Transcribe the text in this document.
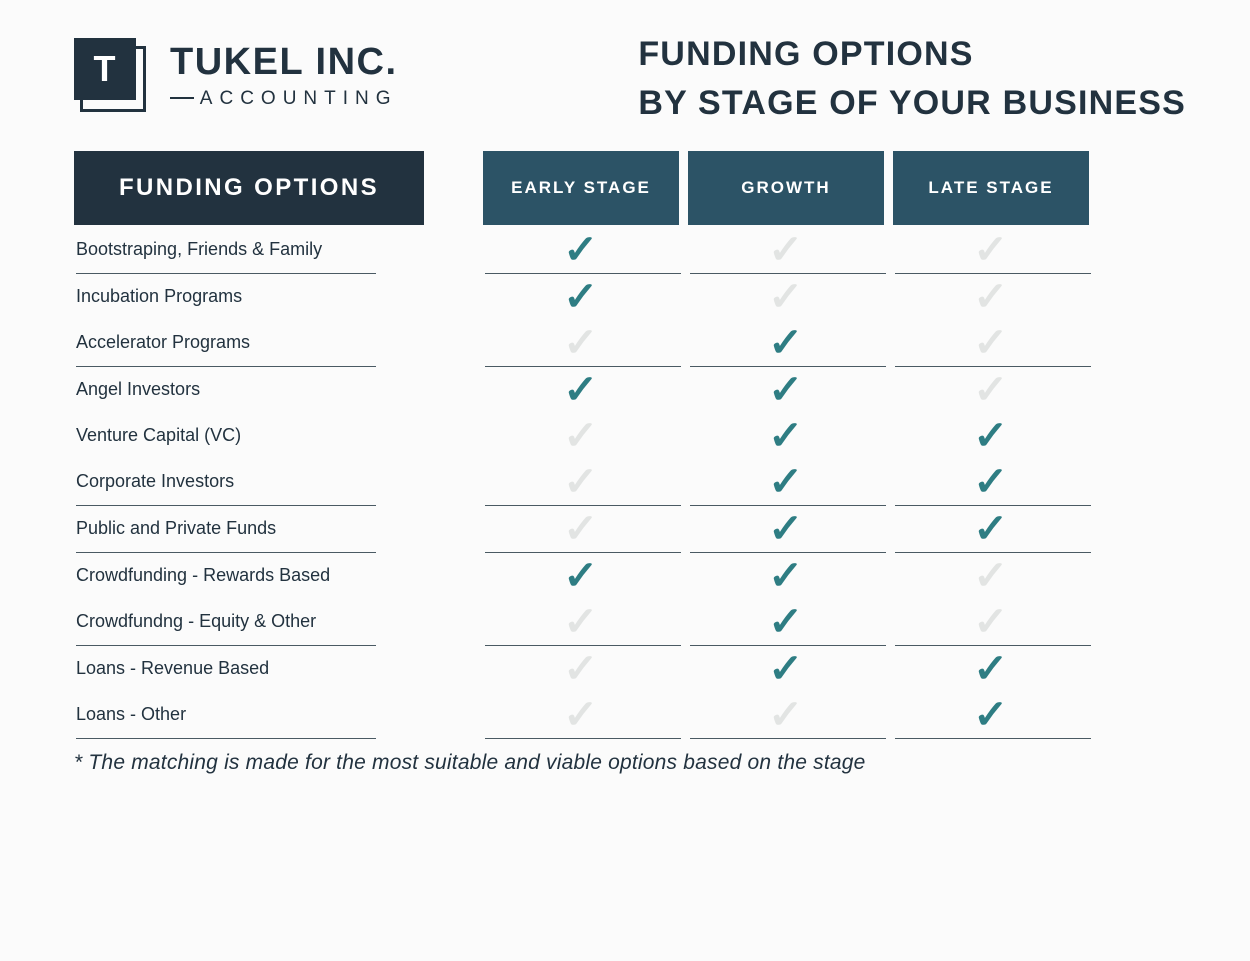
T	TUKEL INC.
ACCOUNTING
FUNDING OPTIONS
BY STAGE OF YOUR BUSINESS
FUNDING OPTIONS	EARLY STAGE	GROWTH	LATE STAGE
Bootstraping, Friends & Family	✓	✓	✓
Incubation Programs	✓	✓	✓
Accelerator Programs	✓	✓	✓
Angel Investors	✓	✓	✓
Venture Capital (VC)	✓	✓	✓
Corporate Investors	✓	✓	✓
Public and Private Funds	✓	✓	✓
Crowdfunding - Rewards Based	✓	✓	✓
Crowdfundng - Equity & Other	✓	✓	✓
Loans - Revenue Based	✓	✓	✓
Loans - Other	✓	✓	✓
* The matching is made for the most suitable and viable options based on the stage
